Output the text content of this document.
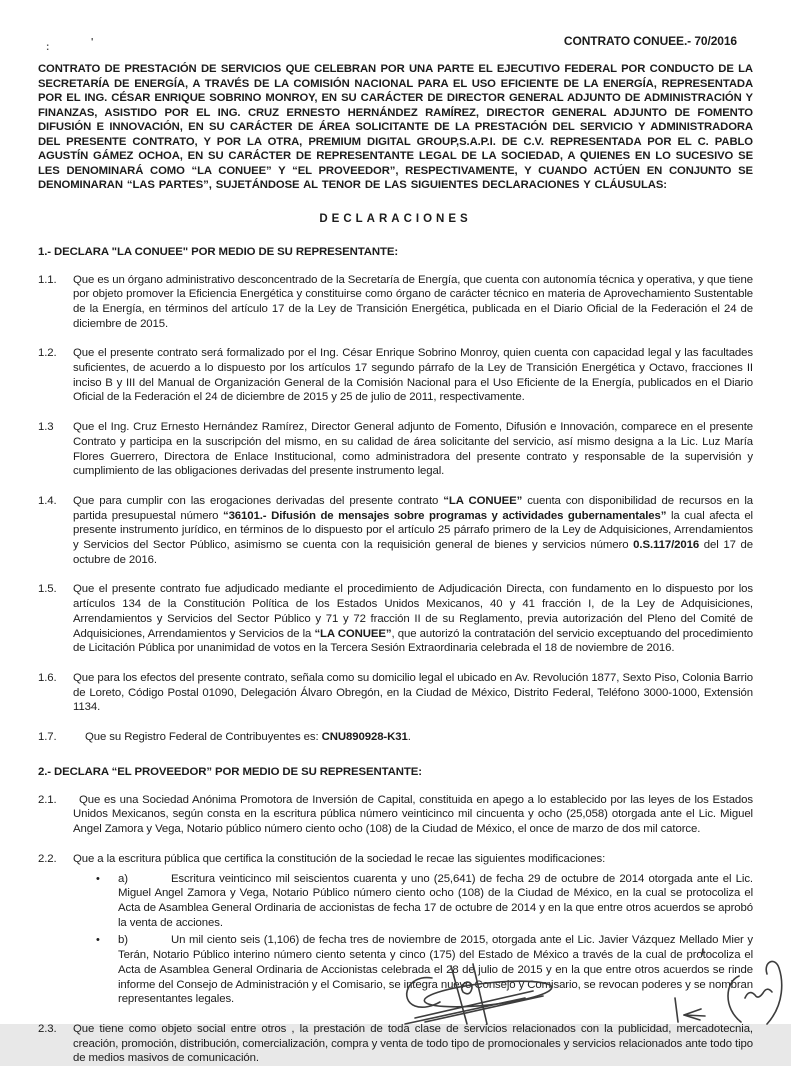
:	'	CONTRATO CONUEE.- 70/2016
CONTRATO DE PRESTACIÓN DE SERVICIOS QUE CELEBRAN POR UNA PARTE EL EJECUTIVO FEDERAL POR CONDUCTO DE LA SECRETARÍA DE ENERGÍA, A TRAVÉS DE LA COMISIÓN NACIONAL PARA EL USO EFICIENTE DE LA ENERGÍA, REPRESENTADA POR EL ING. CÉSAR ENRIQUE SOBRINO MONROY, EN SU CARÁCTER DE DIRECTOR GENERAL ADJUNTO DE ADMINISTRACIÓN Y FINANZAS, ASISTIDO POR EL ING. CRUZ ERNESTO HERNÁNDEZ RAMÍREZ, DIRECTOR GENERAL ADJUNTO DE FOMENTO DIFUSIÓN E INNOVACIÓN, EN SU CARÁCTER DE ÁREA SOLICITANTE DE LA PRESTACIÓN DEL SERVICIO Y ADMINISTRADORA DEL PRESENTE CONTRATO, Y POR LA OTRA, PREMIUM DIGITAL GROUP,S.A.P.I. DE C.V. REPRESENTADA POR EL C. PABLO AGUSTÍN GÁMEZ OCHOA, EN SU CARÁCTER DE REPRESENTANTE LEGAL DE LA SOCIEDAD, A QUIENES EN LO SUCESIVO SE LES DENOMINARÁ COMO “LA CONUEE” Y “EL PROVEEDOR”, RESPECTIVAMENTE, Y CUANDO ACTÚEN EN CONJUNTO SE DENOMINARAN “LAS PARTES”, SUJETÁNDOSE AL TENOR DE LAS SIGUIENTES DECLARACIONES Y CLÁUSULAS:
DECLARACIONES
1.- DECLARA "LA CONUEE" POR MEDIO DE SU REPRESENTANTE:
1.1.	Que es un órgano administrativo desconcentrado de la Secretaría de Energía, que cuenta con autonomía técnica y operativa, y que tiene por objeto promover la Eficiencia Energética y constituirse como órgano de carácter técnico en materia de Aprovechamiento Sustentable de la Energía, en términos del artículo 17 de la Ley de Transición Energética, publicada en el Diario Oficial de la Federación el 24 de diciembre de 2015.
1.2.	Que el presente contrato será formalizado por el Ing. César Enrique Sobrino Monroy, quien cuenta con capacidad legal y las facultades suficientes, de acuerdo a lo dispuesto por los artículos 17 segundo párrafo de la Ley de Transición Energética y Octavo, fracciones II inciso B y III del Manual de Organización General de la Comisión Nacional para el Uso Eficiente de la Energía, publicados en el Diario Oficial de la Federación el 24 de diciembre de 2015 y 25 de julio de 2011, respectivamente.
1.3	Que el Ing. Cruz Ernesto Hernández Ramírez, Director General adjunto de Fomento, Difusión e Innovación, comparece en el presente Contrato y participa en la suscripción del mismo, en su calidad de área solicitante del servicio, así mismo designa a la Lic. Luz María Flores Guerrero, Directora de Enlace Institucional, como administradora del presente contrato y responsable de la supervisión y cumplimiento de las obligaciones derivadas del presente instrumento legal.
1.4.	Que para cumplir con las erogaciones derivadas del presente contrato “LA CONUEE” cuenta con disponibilidad de recursos en la partida presupuestal número “36101.- Difusión de mensajes sobre programas y actividades gubernamentales” la cual afecta el presente instrumento jurídico, en términos de lo dispuesto por el artículo 25 párrafo primero de la Ley de Adquisiciones, Arrendamientos y Servicios del Sector Público, asimismo se cuenta con la requisición general de bienes y servicios número 0.S.117/2016 del 17 de octubre de 2016.
1.5.	Que el presente contrato fue adjudicado mediante el procedimiento de Adjudicación Directa, con fundamento en lo dispuesto por los artículos 134 de la Constitución Política de los Estados Unidos Mexicanos, 40 y 41 fracción I, de la Ley de Adquisiciones, Arrendamientos y Servicios del Sector Público y 71 y 72 fracción II de su Reglamento, previa autorización del Pleno del Comité de Adquisiciones, Arrendamientos y Servicios de la “LA CONUEE”, que autorizó la contratación del servicio exceptuando del procedimiento de Licitación Pública por unanimidad de votos en la Tercera Sesión Extraordinaria celebrada el 18 de noviembre de 2016.
1.6.	Que para los efectos del presente contrato, señala como su domicilio legal el ubicado en Av. Revolución 1877, Sexto Piso, Colonia Barrio de Loreto, Código Postal 01090, Delegación Álvaro Obregón, en la Ciudad de México, Distrito Federal, Teléfono 3000-1000, Extensión 1134.
1.7.	Que su Registro Federal de Contribuyentes es: CNU890928-K31.
2.- DECLARA “EL PROVEEDOR” POR MEDIO DE SU REPRESENTANTE:
2.1.	Que es una Sociedad Anónima Promotora de Inversión de Capital, constituida en apego a lo establecido por las leyes de los Estados Unidos Mexicanos, según consta en la escritura pública número veinticinco mil cincuenta y ocho (25,058) otorgada ante el Lic. Miguel Angel Zamora y Vega, Notario público número ciento ocho (108) de la Ciudad de México, el once de marzo de dos mil catorce.
2.2.	Que a la escritura pública que certifica la constitución de la sociedad le recae las siguientes modificaciones:
•	a)	Escritura veinticinco mil seiscientos cuarenta y uno (25,641) de fecha 29 de octubre de 2014 otorgada ante el Lic. Miguel Angel Zamora y Vega, Notario Público número ciento ocho (108) de la Ciudad de México, en la cual se protocoliza el Acta de Asamblea General Ordinaria de accionistas de fecha 17 de octubre de 2014 y en la que entre otros acuerdos se aprobó la venta de acciones.
•	b)	Un mil ciento seis (1,106) de fecha tres de noviembre de 2015, otorgada ante el Lic. Javier Vázquez Mellado Mier y Terán, Notario Público interino número ciento setenta y cinco (175) del Estado de México a través de la cual de protocoliza el Acta de Asamblea General Ordinaria de Accionistas celebrada el 28 de julio de 2015 y en la que entre otros acuerdos se rinde informe del Consejo de Administración y el Comisario, se integra nuevo Consejo y Comisario, se revocan poderes y se nombran representantes legales.
2.3.	Que tiene como objeto social entre otros , la prestación de toda clase de servicios relacionados con la publicidad, mercadotecnia, creación, promoción, distribución, comercialización, compra y venta de todo tipo de promocionales y servicios relacionados ante todo tipo de medios masivos de comunicación.
